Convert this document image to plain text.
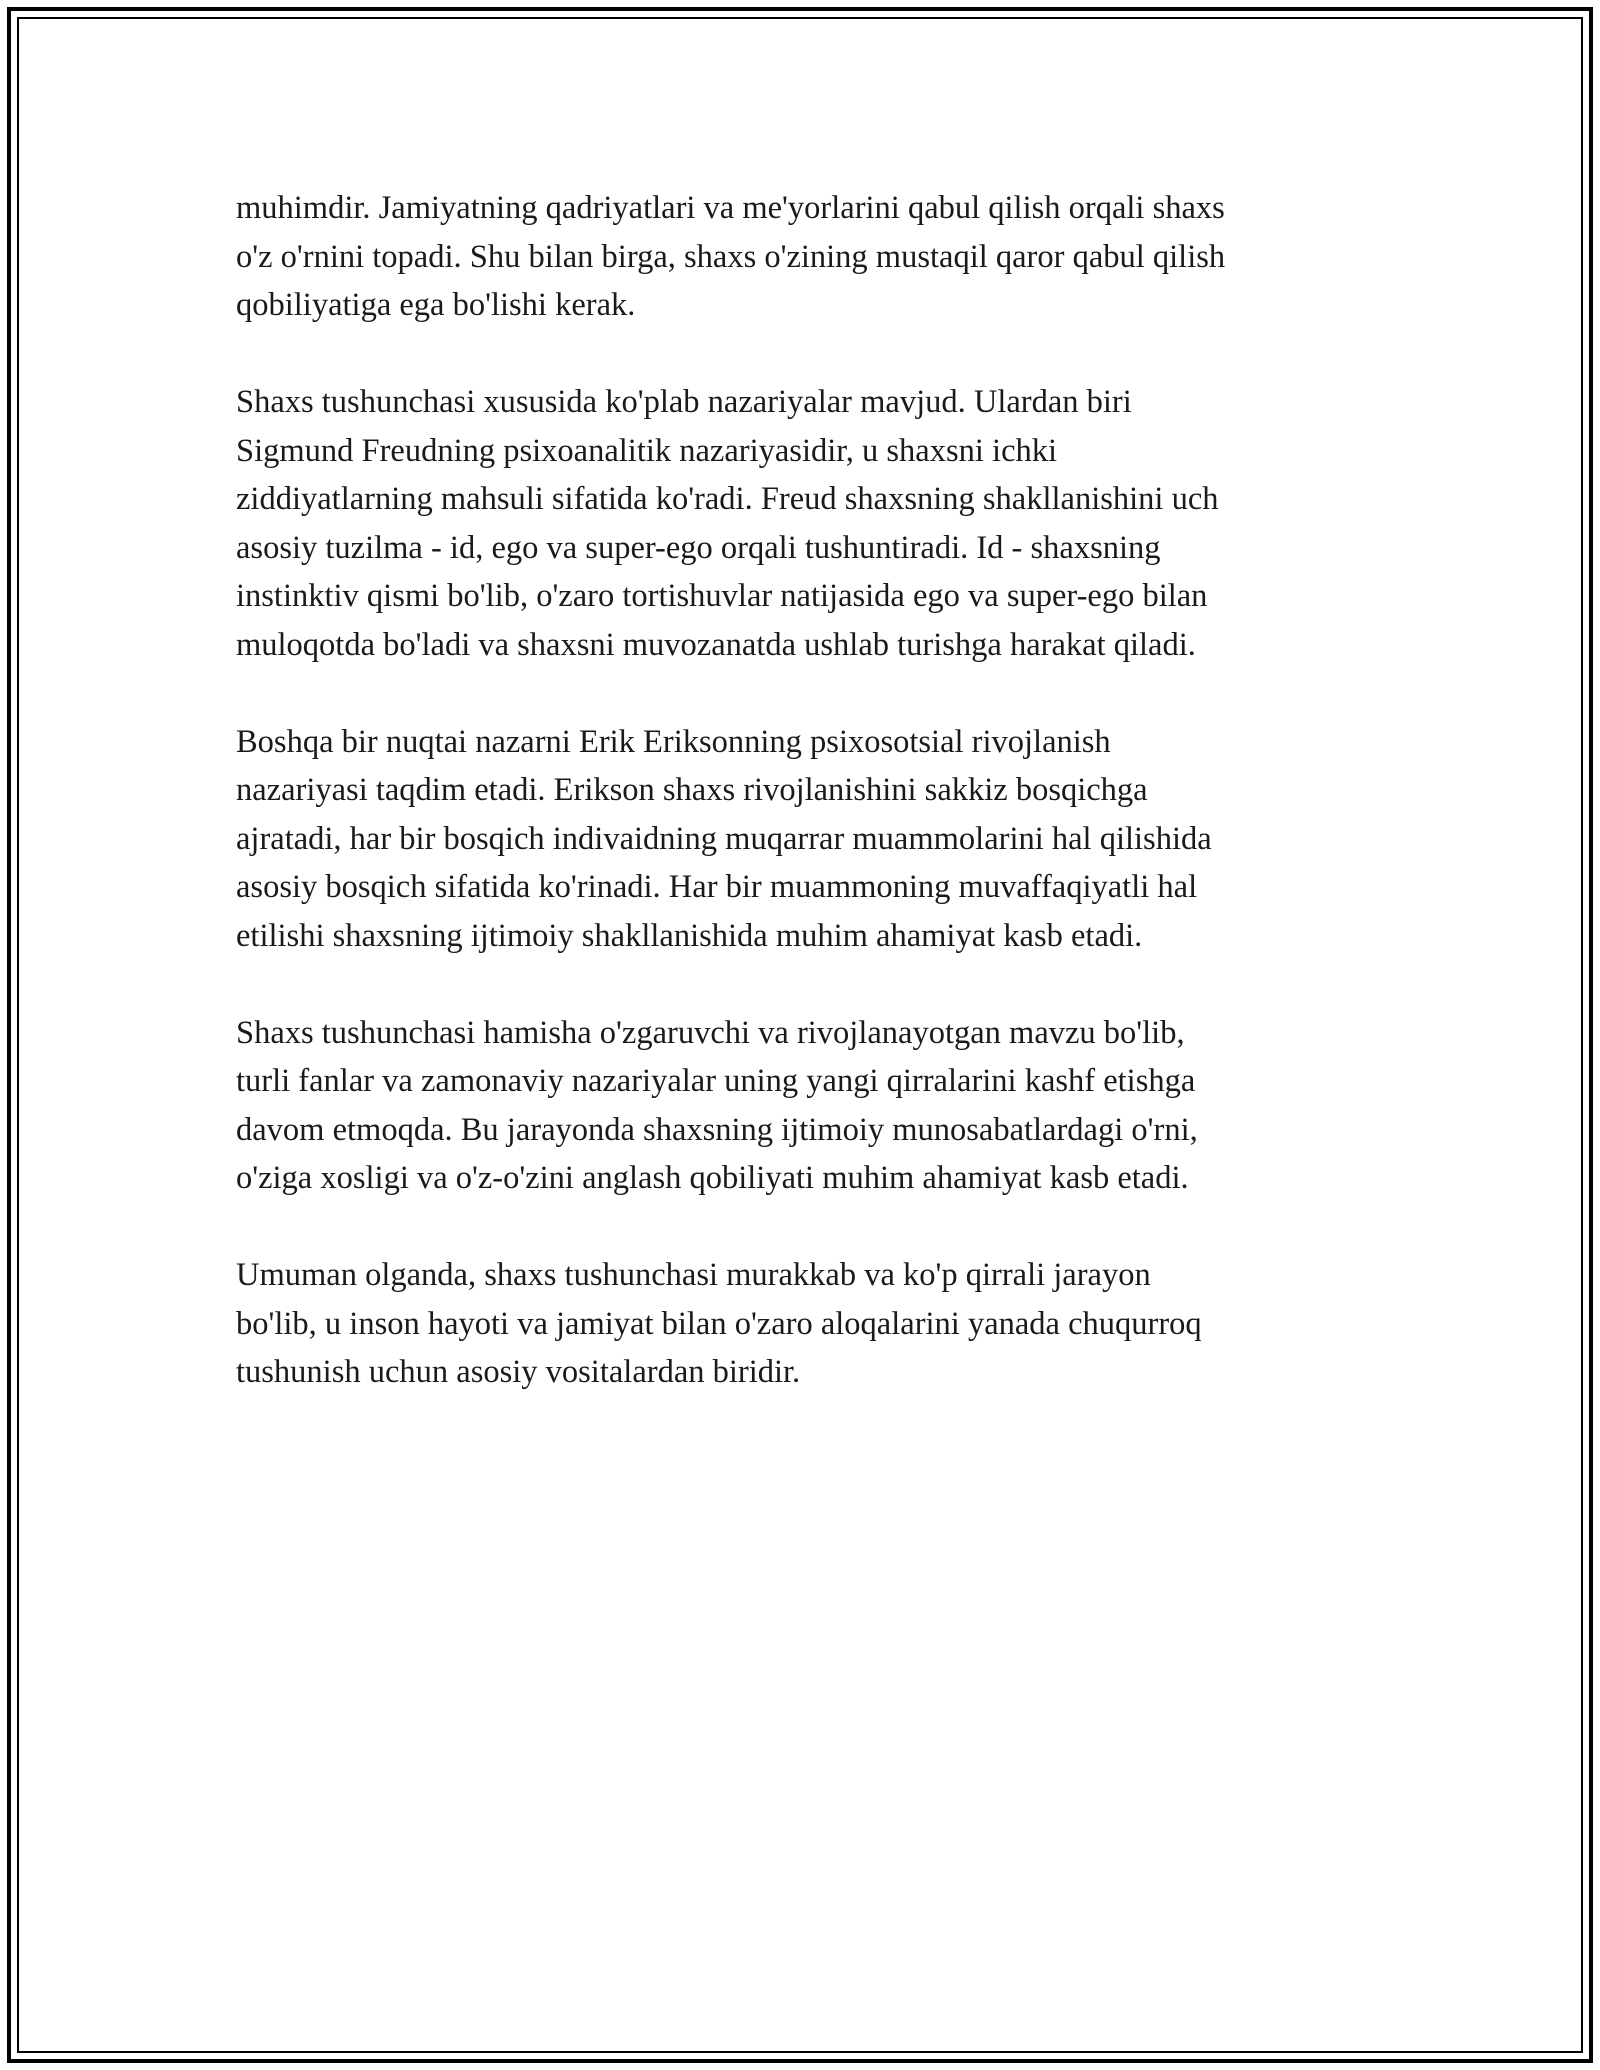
muhimdir. Jamiyatning qadriyatlari va me'yorlarini qabul qilish orqali shaxs
o'z o'rnini topadi. Shu bilan birga, shaxs o'zining mustaqil qaror qabul qilish
qobiliyatiga ega bo'lishi kerak.

Shaxs tushunchasi xususida ko'plab nazariyalar mavjud. Ulardan biri
Sigmund Freudning psixoanalitik nazariyasidir, u shaxsni ichki
ziddiyatlarning mahsuli sifatida ko'radi. Freud shaxsning shakllanishini uch
asosiy tuzilma - id, ego va super-ego orqali tushuntiradi. Id - shaxsning
instinktiv qismi bo'lib, o'zaro tortishuvlar natijasida ego va super-ego bilan
muloqotda bo'ladi va shaxsni muvozanatda ushlab turishga harakat qiladi.

Boshqa bir nuqtai nazarni Erik Eriksonning psixosotsial rivojlanish
nazariyasi taqdim etadi. Erikson shaxs rivojlanishini sakkiz bosqichga
ajratadi, har bir bosqich indivaidning muqarrar muammolarini hal qilishida
asosiy bosqich sifatida ko'rinadi. Har bir muammoning muvaffaqiyatli hal
etilishi shaxsning ijtimoiy shakllanishida muhim ahamiyat kasb etadi.

Shaxs tushunchasi hamisha o'zgaruvchi va rivojlanayotgan mavzu bo'lib,
turli fanlar va zamonaviy nazariyalar uning yangi qirralarini kashf etishga
davom etmoqda. Bu jarayonda shaxsning ijtimoiy munosabatlardagi o'rni,
o'ziga xosligi va o'z-o'zini anglash qobiliyati muhim ahamiyat kasb etadi.

Umuman olganda, shaxs tushunchasi murakkab va ko'p qirrali jarayon
bo'lib, u inson hayoti va jamiyat bilan o'zaro aloqalarini yanada chuqurroq
tushunish uchun asosiy vositalardan biridir.
